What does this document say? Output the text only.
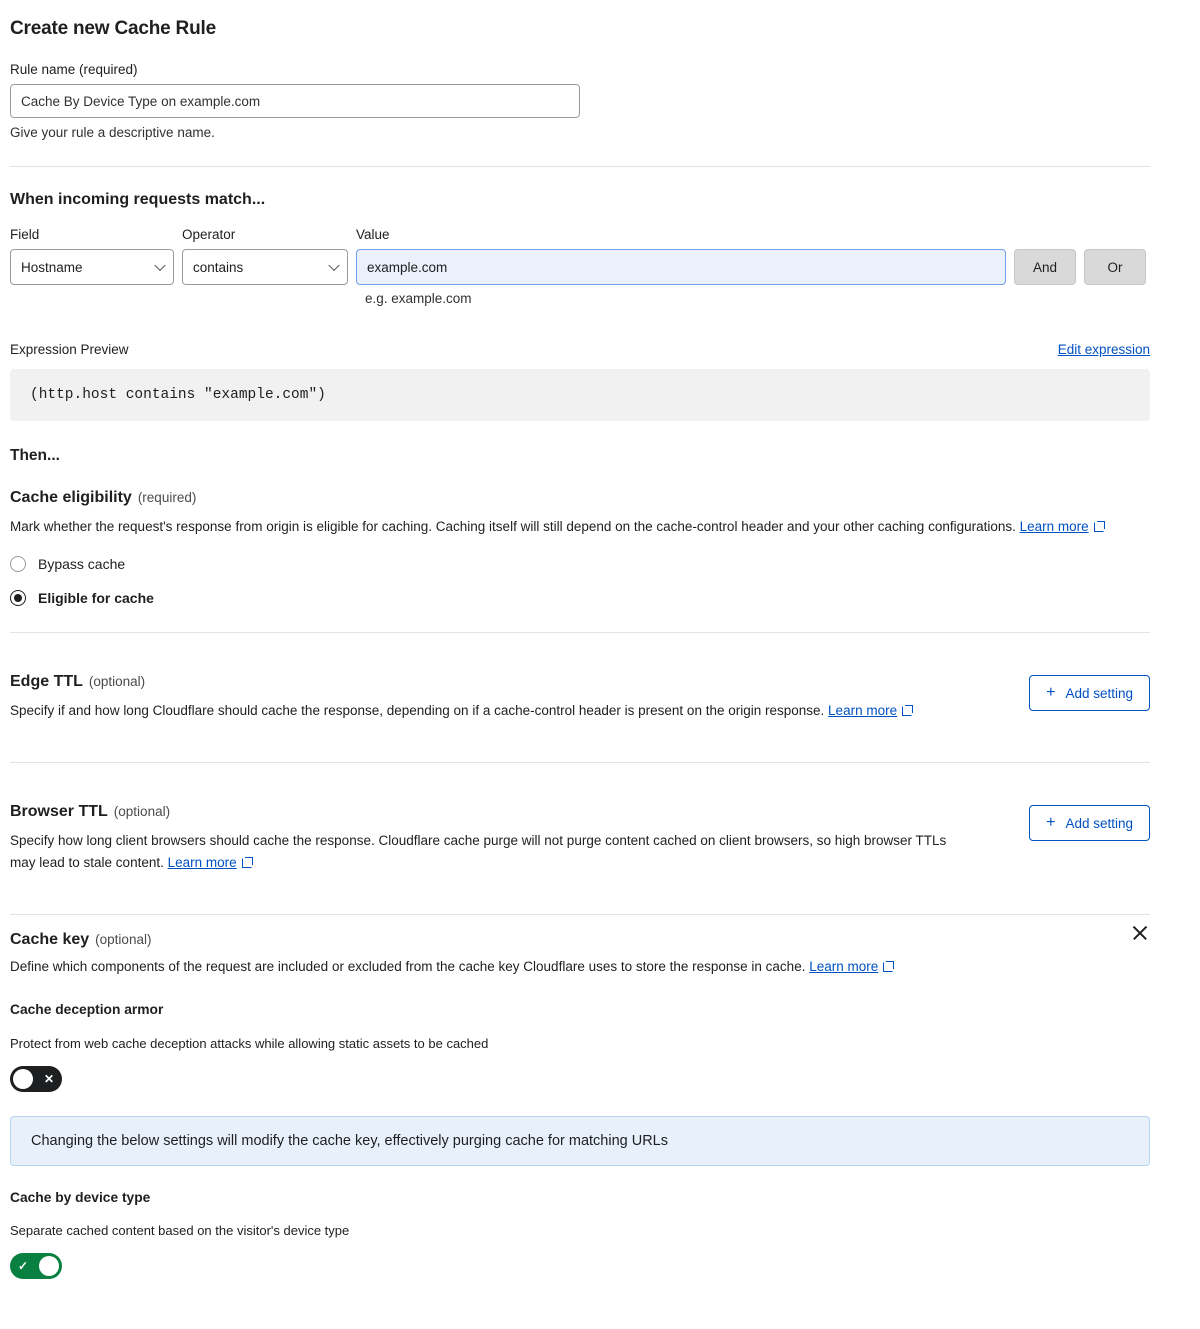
Create new Cache Rule
Rule name (required)
Cache By Device Type on example.com
Give your rule a descriptive name.
When incoming requests match...
Field
Hostname
Operator
contains
Value
example.com
And	Or
e.g. example.com
Expression Preview	Edit expression
(http.host contains "example.com")
Then...
Cache eligibility (required)

Mark whether the request's response from origin is eligible for caching. Caching itself will still depend on the cache-control header and your other caching configurations. Learn more

Bypass cache
Eligible for cache
Edge TTL (optional)

Specify if and how long Cloudflare should cache the response, depending on if a cache-control header is present on the origin response. Learn more

+ Add setting
Browser TTL (optional)

Specify how long client browsers should cache the response. Cloudflare cache purge will not purge content cached on client browsers, so high browser TTLs may lead to stale content. Learn more

+ Add setting
Cache key (optional)

Define which components of the request are included or excluded from the cache key Cloudflare uses to store the response in cache. Learn more

Cache deception armor

Protect from web cache deception attacks while allowing static assets to be cached

✕
Changing the below settings will modify the cache key, effectively purging cache for matching URLs
Cache by device type

Separate cached content based on the visitor's device type

✓
